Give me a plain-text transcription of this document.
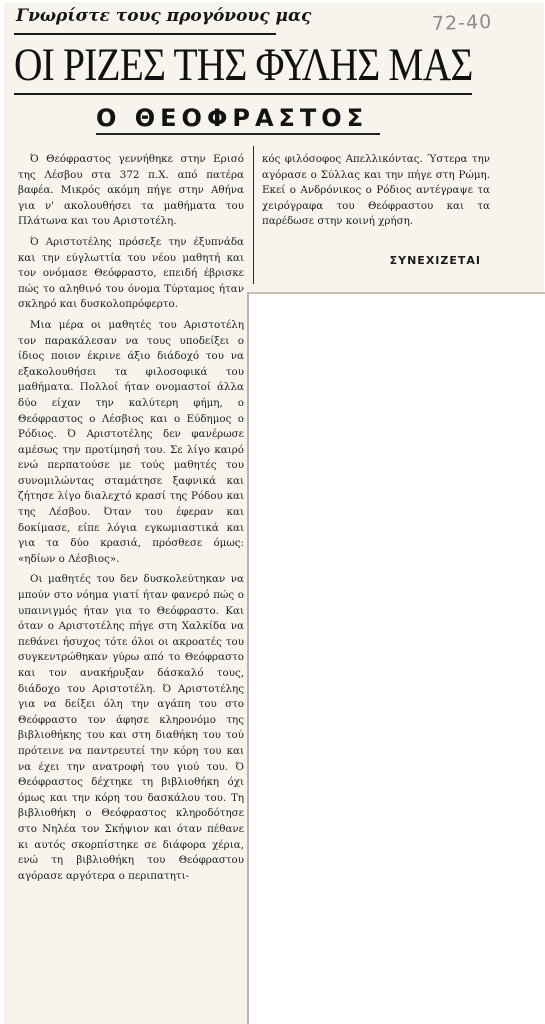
Γνωρίστε τους προγόνους μας	72-40
ΟΙ ΡΙΖΕΣ ΤΗΣ ΦΥΛΗΣ ΜΑΣ
Ο ΘΕΟΦΡΑΣΤΟΣ

Ό Θεόφραστος γεννήθηκε στην Ερισό της Λέσβου στα 372 π.Χ. από πατέρα βαφέα. Μικρός ακόμη πήγε στην Αθήνα για ν' ακολουθήσει τα μαθήματα του Πλάτωνα και του Αριστοτέλη.

Ό Αριστοτέλης πρόσεξε την έξυπνάδα και την εύγλωττία του νέου μαθητή και τον ονόμασε Θεόφραστο, επειδή έβρισκε πώς το αληθινό του όνομα Τύρταμος ήταν σκληρό και δυσκολοπρόφερτο.

Μια μέρα οι μαθητές του Αριστοτέλη τον παρακάλεσαν να τους υποδείξει ο ίδιος ποιον έκρινε άξιο διάδοχό του να εξακολουθήσει τα φιλοσοφικά του μαθήματα. Πολλοί ήταν ονομαστοί άλλα δύο είχαν την καλύτερη φήμη, ο Θεόφραστος ο Λέσβιος και ο Εύδημος ο Ρόδιος. Ό Αριστοτέλης δεν φανέρωσε αμέσως την προτίμησή του. Σε λίγο καιρό ενώ περπατούσε με τούς μαθητές του συνομιλώντας σταμάτησε ξαφνικά και ζήτησε λίγο διαλεχτό κρασί της Ρόδου και της Λέσβου. Όταν του έφεραν και δοκίμασε, είπε λόγια εγκωμιαστικά και για τα δύο κρασιά, πρόσθεσε όμως: «ηδίων ο Λέσβιος».

Οι μαθητές του δεν δυσκολεύτηκαν να μπούν στο νόημα γιατί ήταν φανερό πώς ο υπαινιγμός ήταν για το Θεόφραστο. Και όταν ο Αριστοτέλης πήγε στη Χαλκίδα να πεθάνει ήσυχος τότε όλοι οι ακροατές του συγκεντρώθηκαν γύρω από το Θεόφραστο και τον ανακήρυξαν δάσκαλό τους, διάδοχο του Αριστοτέλη. Ό Αριστοτέλης για να δείξει όλη την αγάπη του στο Θεόφραστο τον άφησε κληρονόμο της βιβλιοθήκης του και στη διαθήκη του τού πρότεινε να παντρευτεί την κόρη του και να έχει την ανατροφή του γιού του. Ό Θεόφραστος δέχτηκε τη βιβλιοθήκη όχι όμως και την κόρη του δασκάλου του. Τη βιβλιοθήκη ο Θεόφραστος κληροδότησε στο Νηλέα τον Σκήψιον και όταν πέθανε κι αυτός σκορπίστηκε σε διάφορα χέρια, ενώ τη βιβλιοθήκη του Θεόφραστου αγόρασε αργότερα ο περιπατητι-

κός φιλόσοφος Απελλικόντας. Ύστερα την αγόρασε ο Σύλλας και την πήγε στη Ρώμη. Εκεί ο Ανδρόνικος ο Ρόδιος αντέγραψε τα χειρόγραφα του Θεόφραστου και τα παρέδωσε στην κοινή χρήση.

ΣΥΝΕΧΙΖΕΤΑΙ
